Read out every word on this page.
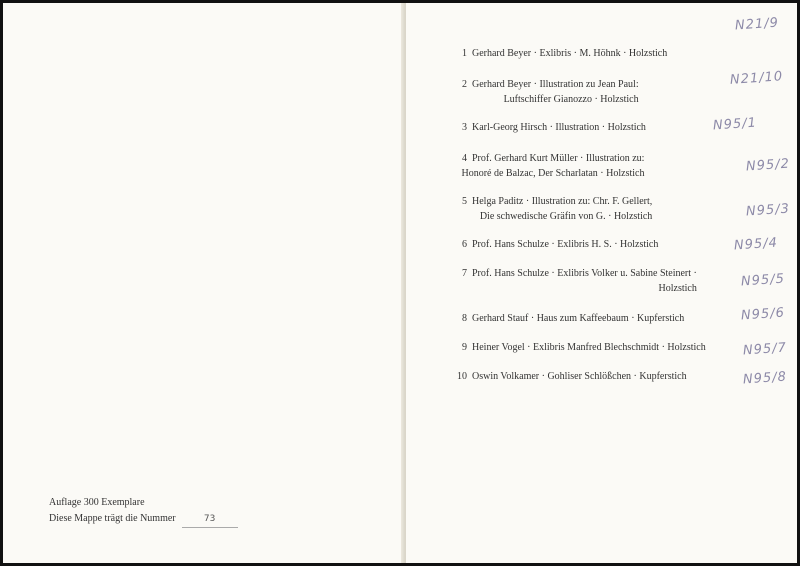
Auflage 300 Exemplare
Diese Mappe trägt die Nummer	73
1 Gerhard Beyer · Exlibris · M. Höhnk · Holzstich
2 Gerhard Beyer · Illustration zu Jean Paul:
Luftschiffer Gianozzo · Holzstich
3 Karl-Georg Hirsch · Illustration · Holzstich
4 Prof. Gerhard Kurt Müller · Illustration zu:
Honoré de Balzac, Der Scharlatan · Holzstich
5 Helga Paditz · Illustration zu: Chr. F. Gellert,
Die schwedische Gräfin von G. · Holzstich
6 Prof. Hans Schulze · Exlibris H. S. · Holzstich
7 Prof. Hans Schulze · Exlibris Volker u. Sabine Steinert ·
Holzstich
8 Gerhard Stauf · Haus zum Kaffeebaum · Kupferstich
9 Heiner Vogel · Exlibris Manfred Blechschmidt · Holzstich
10 Oswin Volkamer · Gohliser Schlößchen · Kupferstich
N21/9
N21/10
N95/1
N95/2
N95/3
N95/4
N95/5
N95/6
N95/7
N95/8
